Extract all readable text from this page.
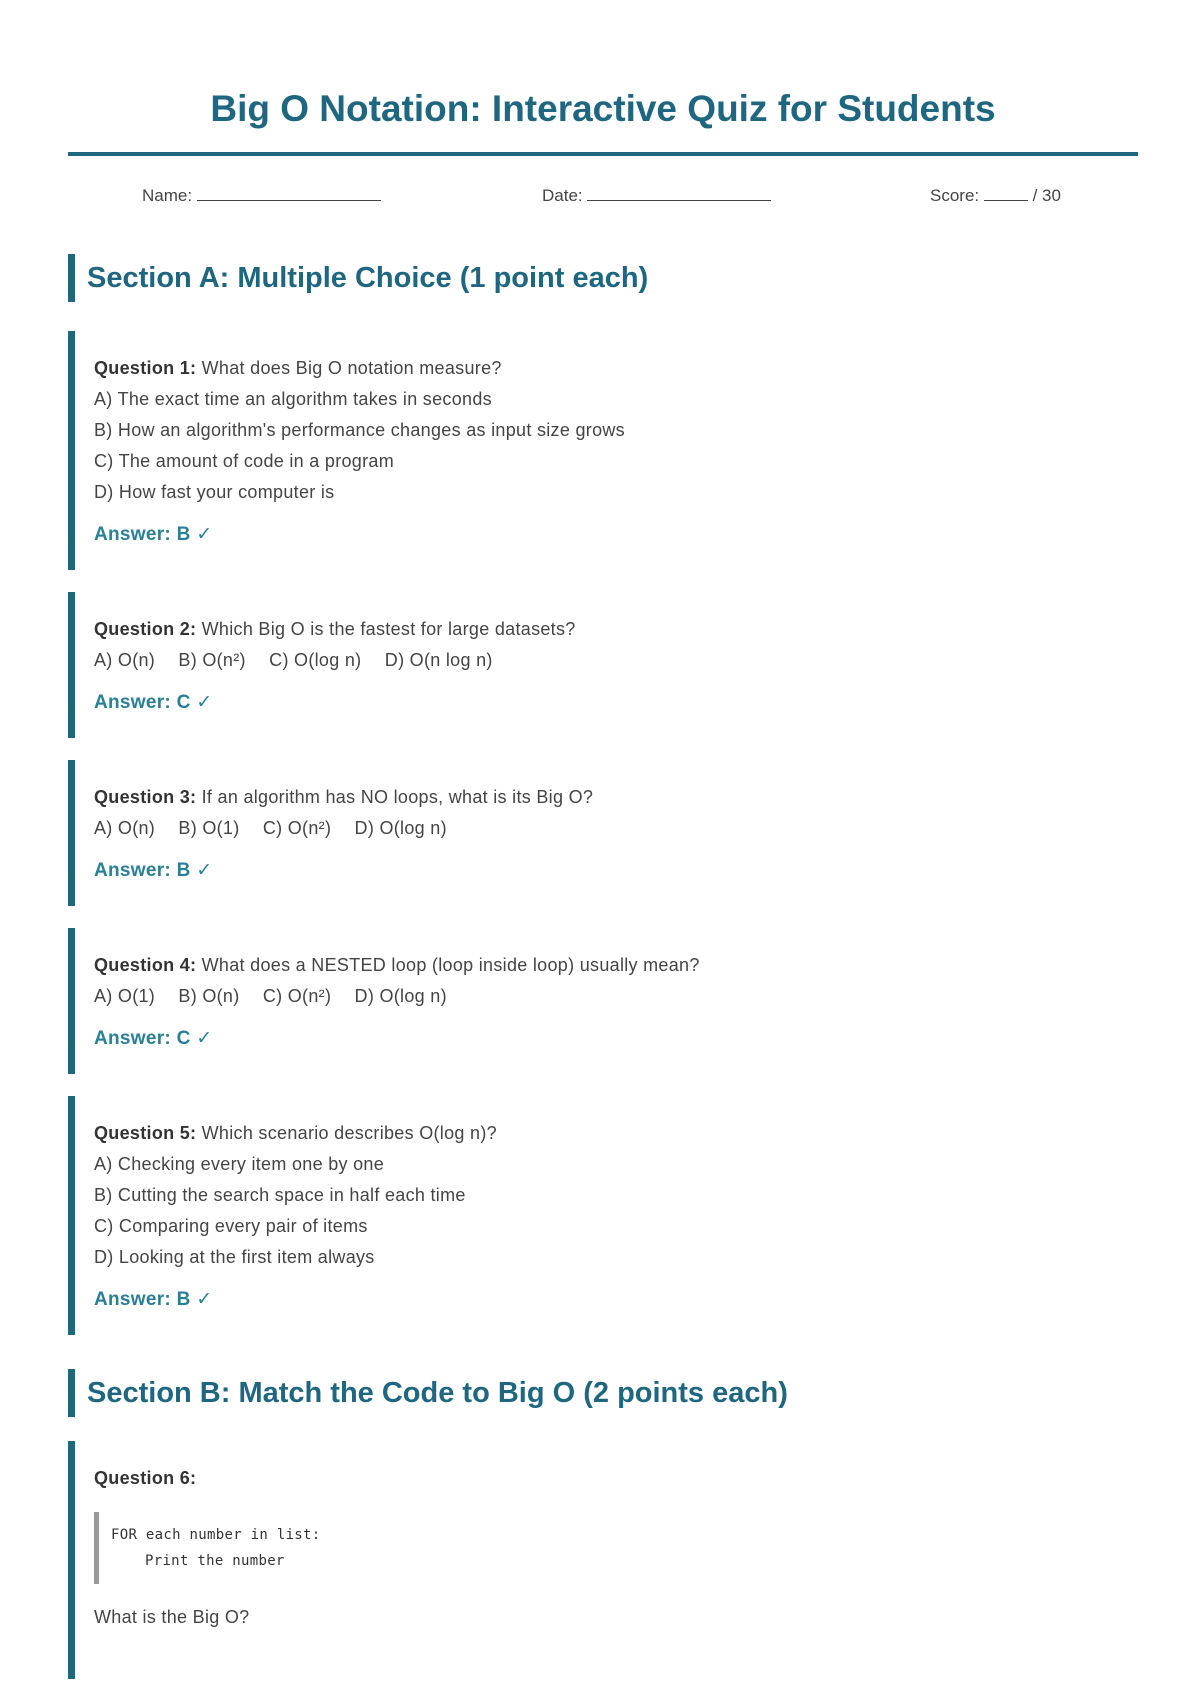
Big O Notation: Interactive Quiz for Students
Name:	Date:	Score:	/ 30
Section A: Multiple Choice (1 point each)
Question 1: What does Big O notation measure?
A) The exact time an algorithm takes in seconds
B) How an algorithm's performance changes as input size grows
C) The amount of code in a program
D) How fast your computer is
Answer: B ✓
Question 2: Which Big O is the fastest for large datasets?
A) O(n) B) O(n²) C) O(log n) D) O(n log n)
Answer: C ✓
Question 3: If an algorithm has NO loops, what is its Big O?
A) O(n) B) O(1) C) O(n²) D) O(log n)
Answer: B ✓
Question 4: What does a NESTED loop (loop inside loop) usually mean?
A) O(1) B) O(n) C) O(n²) D) O(log n)
Answer: C ✓
Question 5: Which scenario describes O(log n)?
A) Checking every item one by one
B) Cutting the search space in half each time
C) Comparing every pair of items
D) Looking at the first item always
Answer: B ✓
Section B: Match the Code to Big O (2 points each)
Question 6:
FOR each number in list:
Print the number
What is the Big O?
